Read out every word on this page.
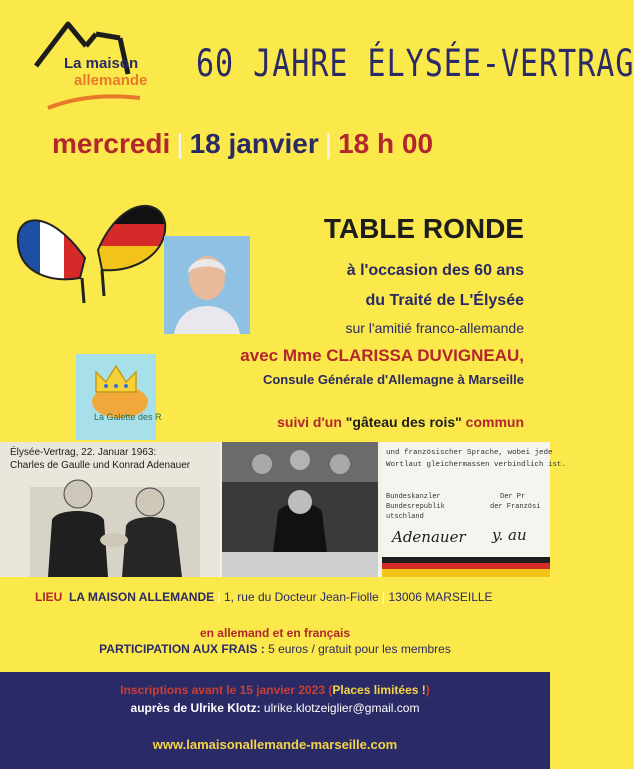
La maison
allemande 60 JAHRE ÉLYSÉE-VERTRAG
mercredi | 18 janvier | 18 h 00
La Galette des R
TABLE RONDE
à l'occasion des 60 ans
du Traité de L'Élysée
sur l'amitié franco-allemande
avec Mme CLARISSA DUVIGNEAU,
Consule Générale d'Allemagne à Marseille
suivi d'un "gâteau des rois" commun
und französischer Sprache, wobei jede
Wortlaut gleichermassen verbindlich ist.
Bundeskanzler
Bundesrepublik
utschland
Der Pr
der Französi
Adenauer y. au
Élysée-Vertrag, 22. Januar 1963:
Charles de Gaulle und Konrad Adenauer
LIEU LA MAISON ALLEMANDE | 1, rue du Docteur Jean-Fiolle | 13006 MARSEILLE
en allemand et en français
PARTICIPATION AUX FRAIS : 5 euros / gratuit pour les membres
Inscriptions avant le 15 janvier 2023 (Places limitées !)
auprès de Ulrike Klotz: ulrike.klotzeiglier@gmail.com
www.lamaisonallemande-marseille.com
